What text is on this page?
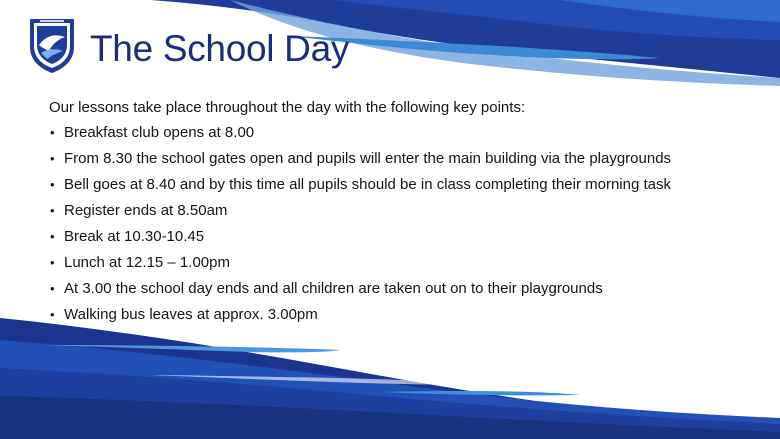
The School Day

Our lessons take place throughout the day with the following key points:

• Breakfast club opens at 8.00
• From 8.30 the school gates open and pupils will enter the main building via the playgrounds
• Bell goes at 8.40 and by this time all pupils should be in class completing their morning task
• Register ends at 8.50am
• Break at 10.30-10.45
• Lunch at 12.15 – 1.00pm
• At 3.00 the school day ends and all children are taken out on to their playgrounds
• Walking bus leaves at approx. 3.00pm
